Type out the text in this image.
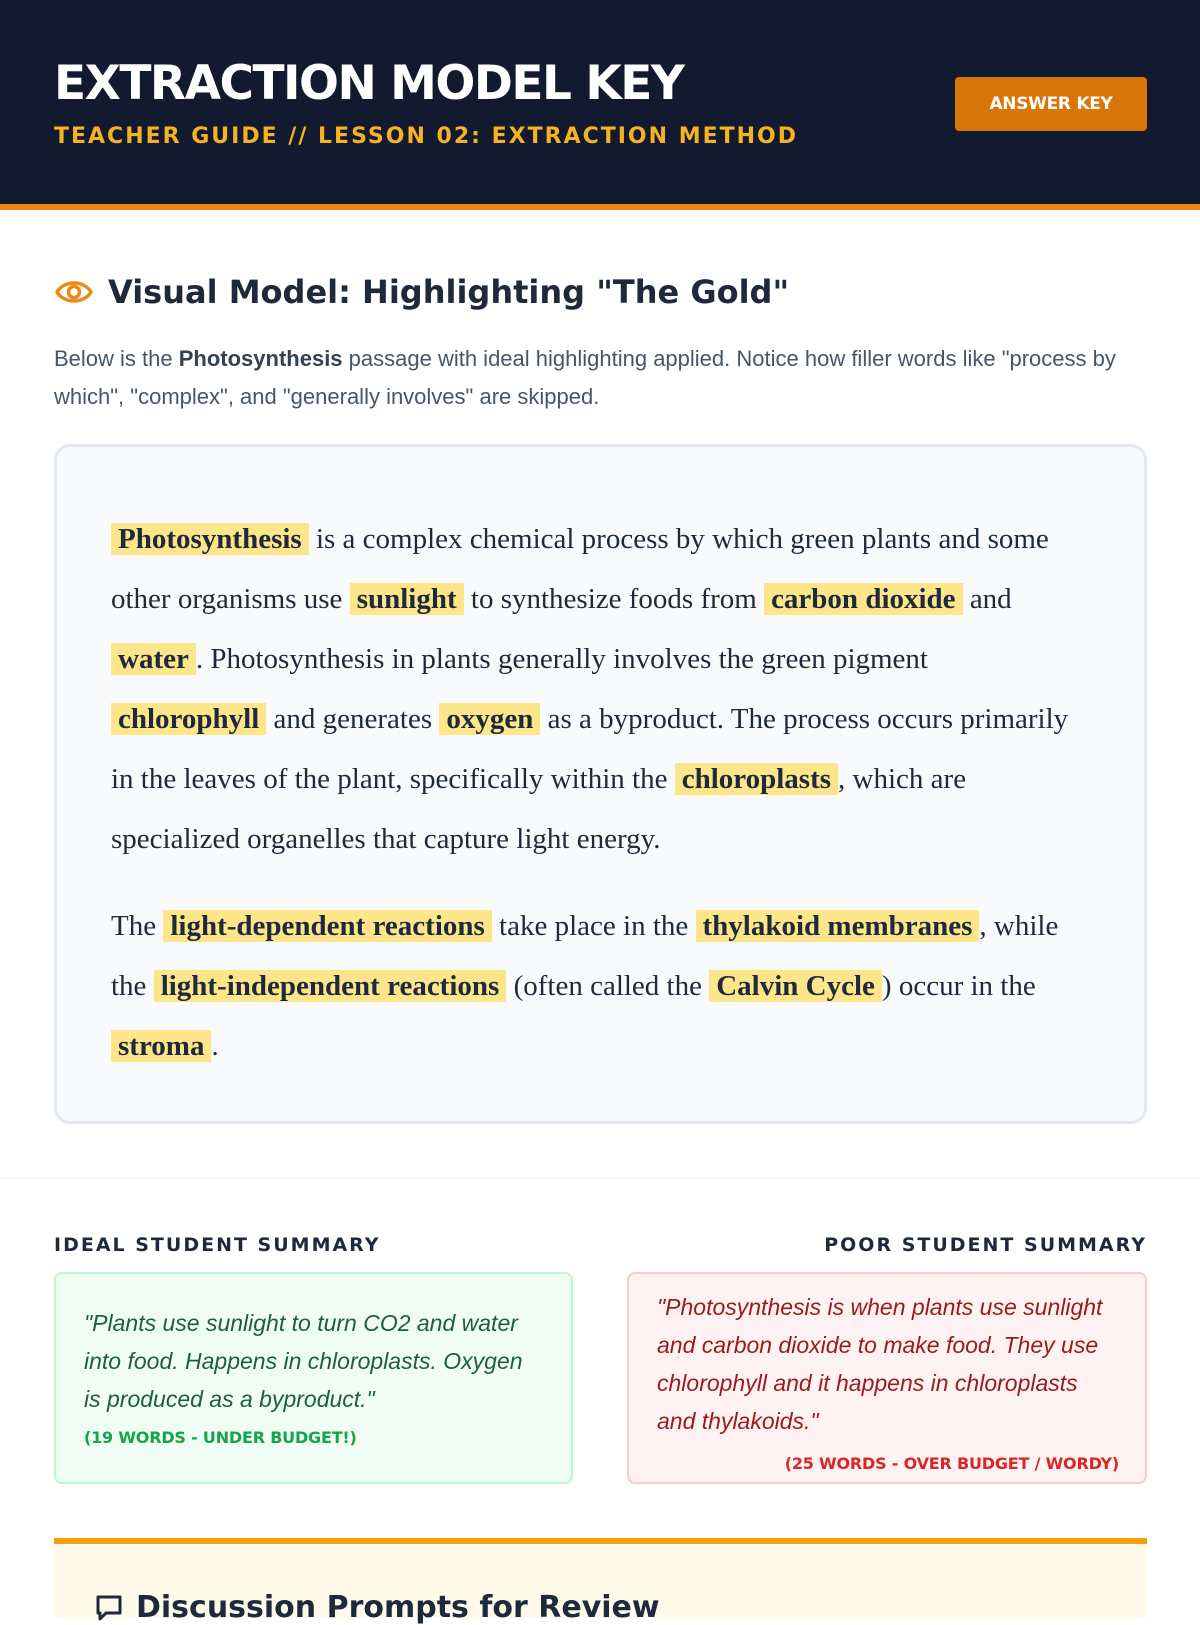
EXTRACTION MODEL KEY
TEACHER GUIDE // LESSON 02: EXTRACTION METHOD
ANSWER KEY
Visual Model: Highlighting "The Gold"
Below is the Photosynthesis passage with ideal highlighting applied. Notice how filler words like "process by which", "complex", and "generally involves" are skipped.

Photosynthesis is a complex chemical process by which green plants and some other organisms use sunlight to synthesize foods from carbon dioxide and water . Photosynthesis in plants generally involves the green pigment chlorophyll and generates oxygen as a byproduct. The process occurs primarily in the leaves of the plant, specifically within the chloroplasts , which are specialized organelles that capture light energy.

The light-dependent reactions take place in the thylakoid membranes , while the light-independent reactions (often called the Calvin Cycle ) occur in the stroma .

IDEAL STUDENT SUMMARY	POOR STUDENT SUMMARY
"Plants use sunlight to turn CO2 and water into food. Happens in chloroplasts. Oxygen is produced as a byproduct."
(19 WORDS - UNDER BUDGET!)
"Photosynthesis is when plants use sunlight and carbon dioxide to make food. They use chlorophyll and it happens in chloroplasts and thylakoids."
(25 WORDS - OVER BUDGET / WORDY)
Discussion Prompts for Review
